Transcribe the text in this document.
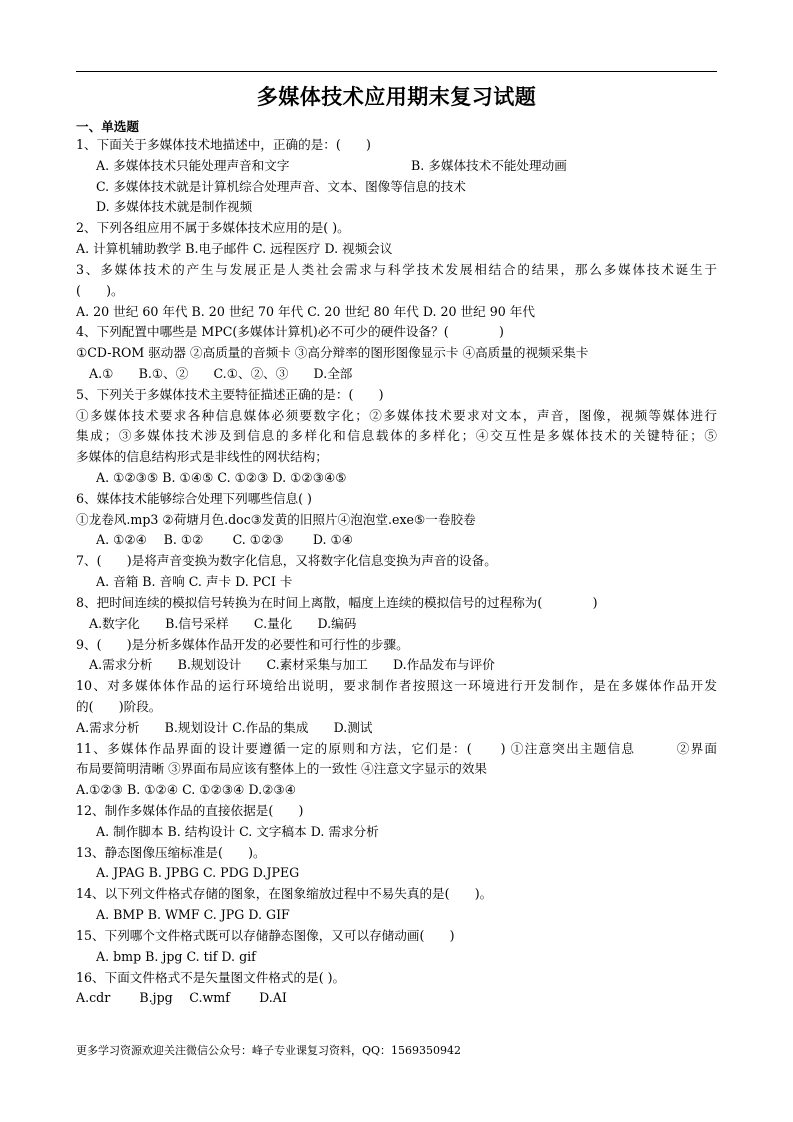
多媒体技术应用期末复习试题
一、单选题
1、下面关于多媒体技术地描述中，正确的是：(　　)
A. 多媒体技术只能处理声音和文字	B. 多媒体技术不能处理动画
C. 多媒体技术就是计算机综合处理声音、文本、图像等信息的技术
D. 多媒体技术就是制作视频
2、下列各组应用不属于多媒体技术应用的是( )。
A. 计算机辅助教学 B.电子邮件 C. 远程医疗 D. 视频会议
3、多媒体技术的产生与发展正是人类社会需求与科学技术发展相结合的结果，那么多媒体技术诞生于
(　　)。
A. 20 世纪 60 年代 B. 20 世纪 70 年代 C. 20 世纪 80 年代 D. 20 世纪 90 年代
4、下列配置中哪些是 MPC(多媒体计算机)必不可少的硬件设备？(　　　　)
①CD-ROM 驱动器 ②高质量的音频卡 ③高分辩率的图形图像显示卡 ④高质量的视频采集卡
A.①　　B.①、②　　C.①、②、③　　D.全部
5、下列关于多媒体技术主要特征描述正确的是：(　　)
①多媒体技术要求各种信息媒体必须要数字化；②多媒体技术要求对文本，声音，图像，视频等媒体进行
集成；③多媒体技术涉及到信息的多样化和信息载体的多样化；④交互性是多媒体技术的关键特征；⑤
多媒体的信息结构形式是非线性的网状结构；
A. ①②③⑤ B. ①④⑤ C. ①②③ D. ①②③④⑤
6、媒体技术能够综合处理下列哪些信息( )
①龙卷风.mp3 ②荷塘月色.doc③发黄的旧照片④泡泡堂.exe⑤一卷胶卷
A. ①②④　 B. ①②　　 C. ①②③　　 D. ①④
7、(　　)是将声音变换为数字化信息，又将数字化信息变换为声音的设备。
A. 音箱 B. 音响 C. 声卡 D. PCI 卡
8、把时间连续的模拟信号转换为在时间上离散，幅度上连续的模拟信号的过程称为(　　　　)
A.数字化　　B.信号采样　　C.量化　　D.编码
9、(　　)是分析多媒体作品开发的必要性和可行性的步骤。
A.需求分析　　B.规划设计　　C.素材采集与加工　　D.作品发布与评价
10、对多媒体体作品的运行环境给出说明，要求制作者按照这一环境进行开发制作，是在多媒体作品开发
的(　　)阶段。
A.需求分析　　B.规划设计 C.作品的集成　　D.测试
11、多媒体作品界面的设计要遵循一定的原则和方法，它们是：(　　) ①注意突出主题信息　　　②界面
布局要简明清晰 ③界面布局应该有整体上的一致性 ④注意文字显示的效果
A.①②③ B. ①②④ C. ①②③④ D.②③④
12、制作多媒体作品的直接依据是(　　)
A. 制作脚本 B. 结构设计 C. 文字稿本 D. 需求分析
13、静态图像压缩标准是(　　)。
A. JPAG B. JPBG C. PDG D.JPEG
14、以下列文件格式存储的图象，在图象缩放过程中不易失真的是(　　)。
A. BMP B. WMF C. JPG D. GIF
15、下列哪个文件格式既可以存储静态图像，又可以存储动画(　　)
A. bmp B. jpg C. tif D. gif
16、下面文件格式不是矢量图文件格式的是( )。
A.cdr　　 B.jpg　 C.wmf　　 D.AI
更多学习资源欢迎关注微信公众号：峰子专业课复习资料，QQ：1569350942
